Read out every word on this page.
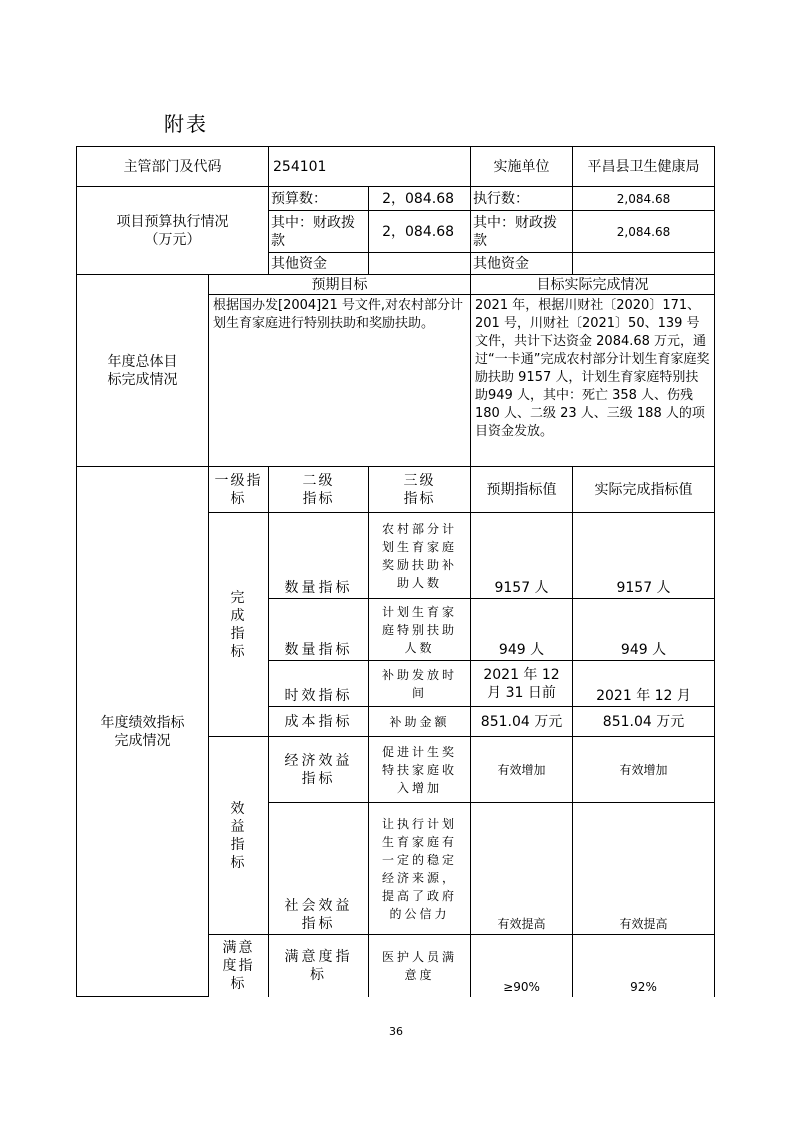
附表
主管部门及代码		254101		实施单位	平昌县卫生健康局
项目预算执行情况（万元）		预算数：	2，084.68	执行数：	2,084.68
		其中：财政拨款	2，084.68	其中：财政拨款	2,084.68
		其他资金		其他资金	
年度总体目标完成情况	预期目标			目标实际完成情况	
	根据国办发[2004]21 号文件,对农村部分计划生育家庭进行特别扶助和奖励扶助。			2021 年，根据川财社〔2020〕171、201 号，川财社〔2021〕50、139 号文件，共计下达资金 2084.68 万元，通过“一卡通”完成农村部分计划生育家庭奖励扶助 9157 人，计划生育家庭特别扶助949 人，其中：死亡 358 人、伤残 180 人、二级 23 人、三级 188 人的项目资金发放。	
年度绩效指标完成情况	一级指标	二级指标	三级指标	预期指标值	实际完成指标值
	完成指标	数量指标	农村部分计划生育家庭奖励扶助补助人数	9157 人	9157 人
		数量指标	计划生育家庭特别扶助人数	949 人	949 人
		时效指标	补助发放时间	2021 年 12 月 31 日前	2021 年 12 月
		成本指标	补助金额	851.04 万元	851.04 万元
	效益指标	经济效益指标	促进计生奖特扶家庭收入增加	有效增加	有效增加
		社会效益指标	让执行计划生育家庭有一定的稳定经济来源，提高了政府的公信力	有效提高	有效提高
	满意度指标	满意度指标	医护人员满意度	≥90%	92%
36
